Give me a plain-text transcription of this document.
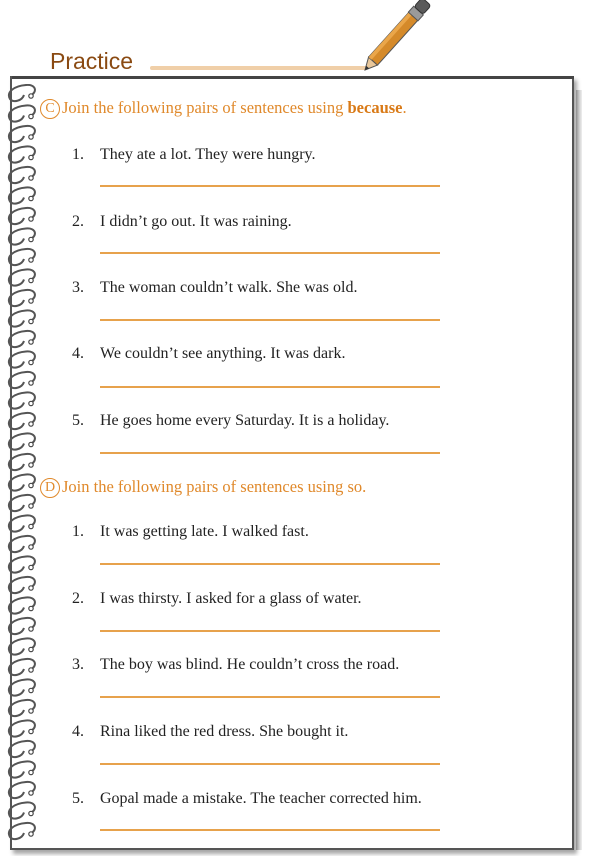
Practice
C Join the following pairs of sentences using because.
1. They ate a lot. They were hungry.
2. I didn’t go out. It was raining.
3. The woman couldn’t walk. She was old.
4. We couldn’t see anything. It was dark.
5. He goes home every Saturday. It is a holiday.
D Join the following pairs of sentences using so.
1. It was getting late. I walked fast.
2. I was thirsty. I asked for a glass of water.
3. The boy was blind. He couldn’t cross the road.
4. Rina liked the red dress. She bought it.
5. Gopal made a mistake. The teacher corrected him.
